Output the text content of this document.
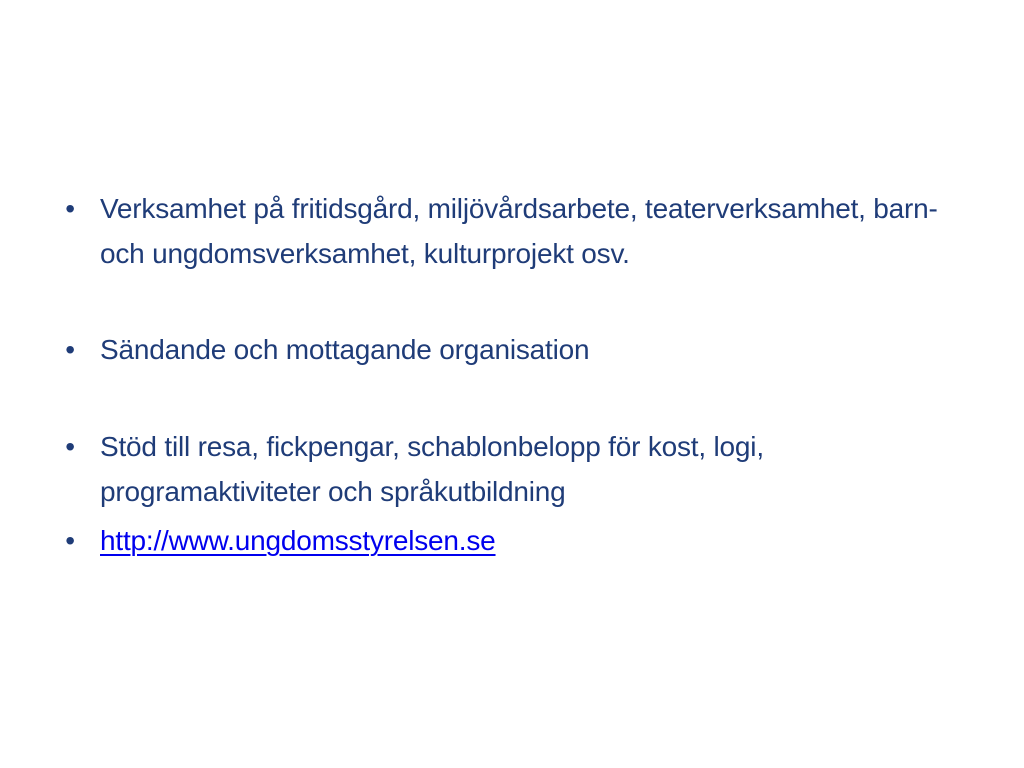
• Verksamhet på fritidsgård, miljövårdsarbete, teaterverksamhet, barn- och ungdomsverksamhet, kulturprojekt osv.
• Sändande och mottagande organisation
• Stöd till resa, fickpengar, schablonbelopp för kost, logi, programaktiviteter och språkutbildning
• http://www.ungdomsstyrelsen.se
